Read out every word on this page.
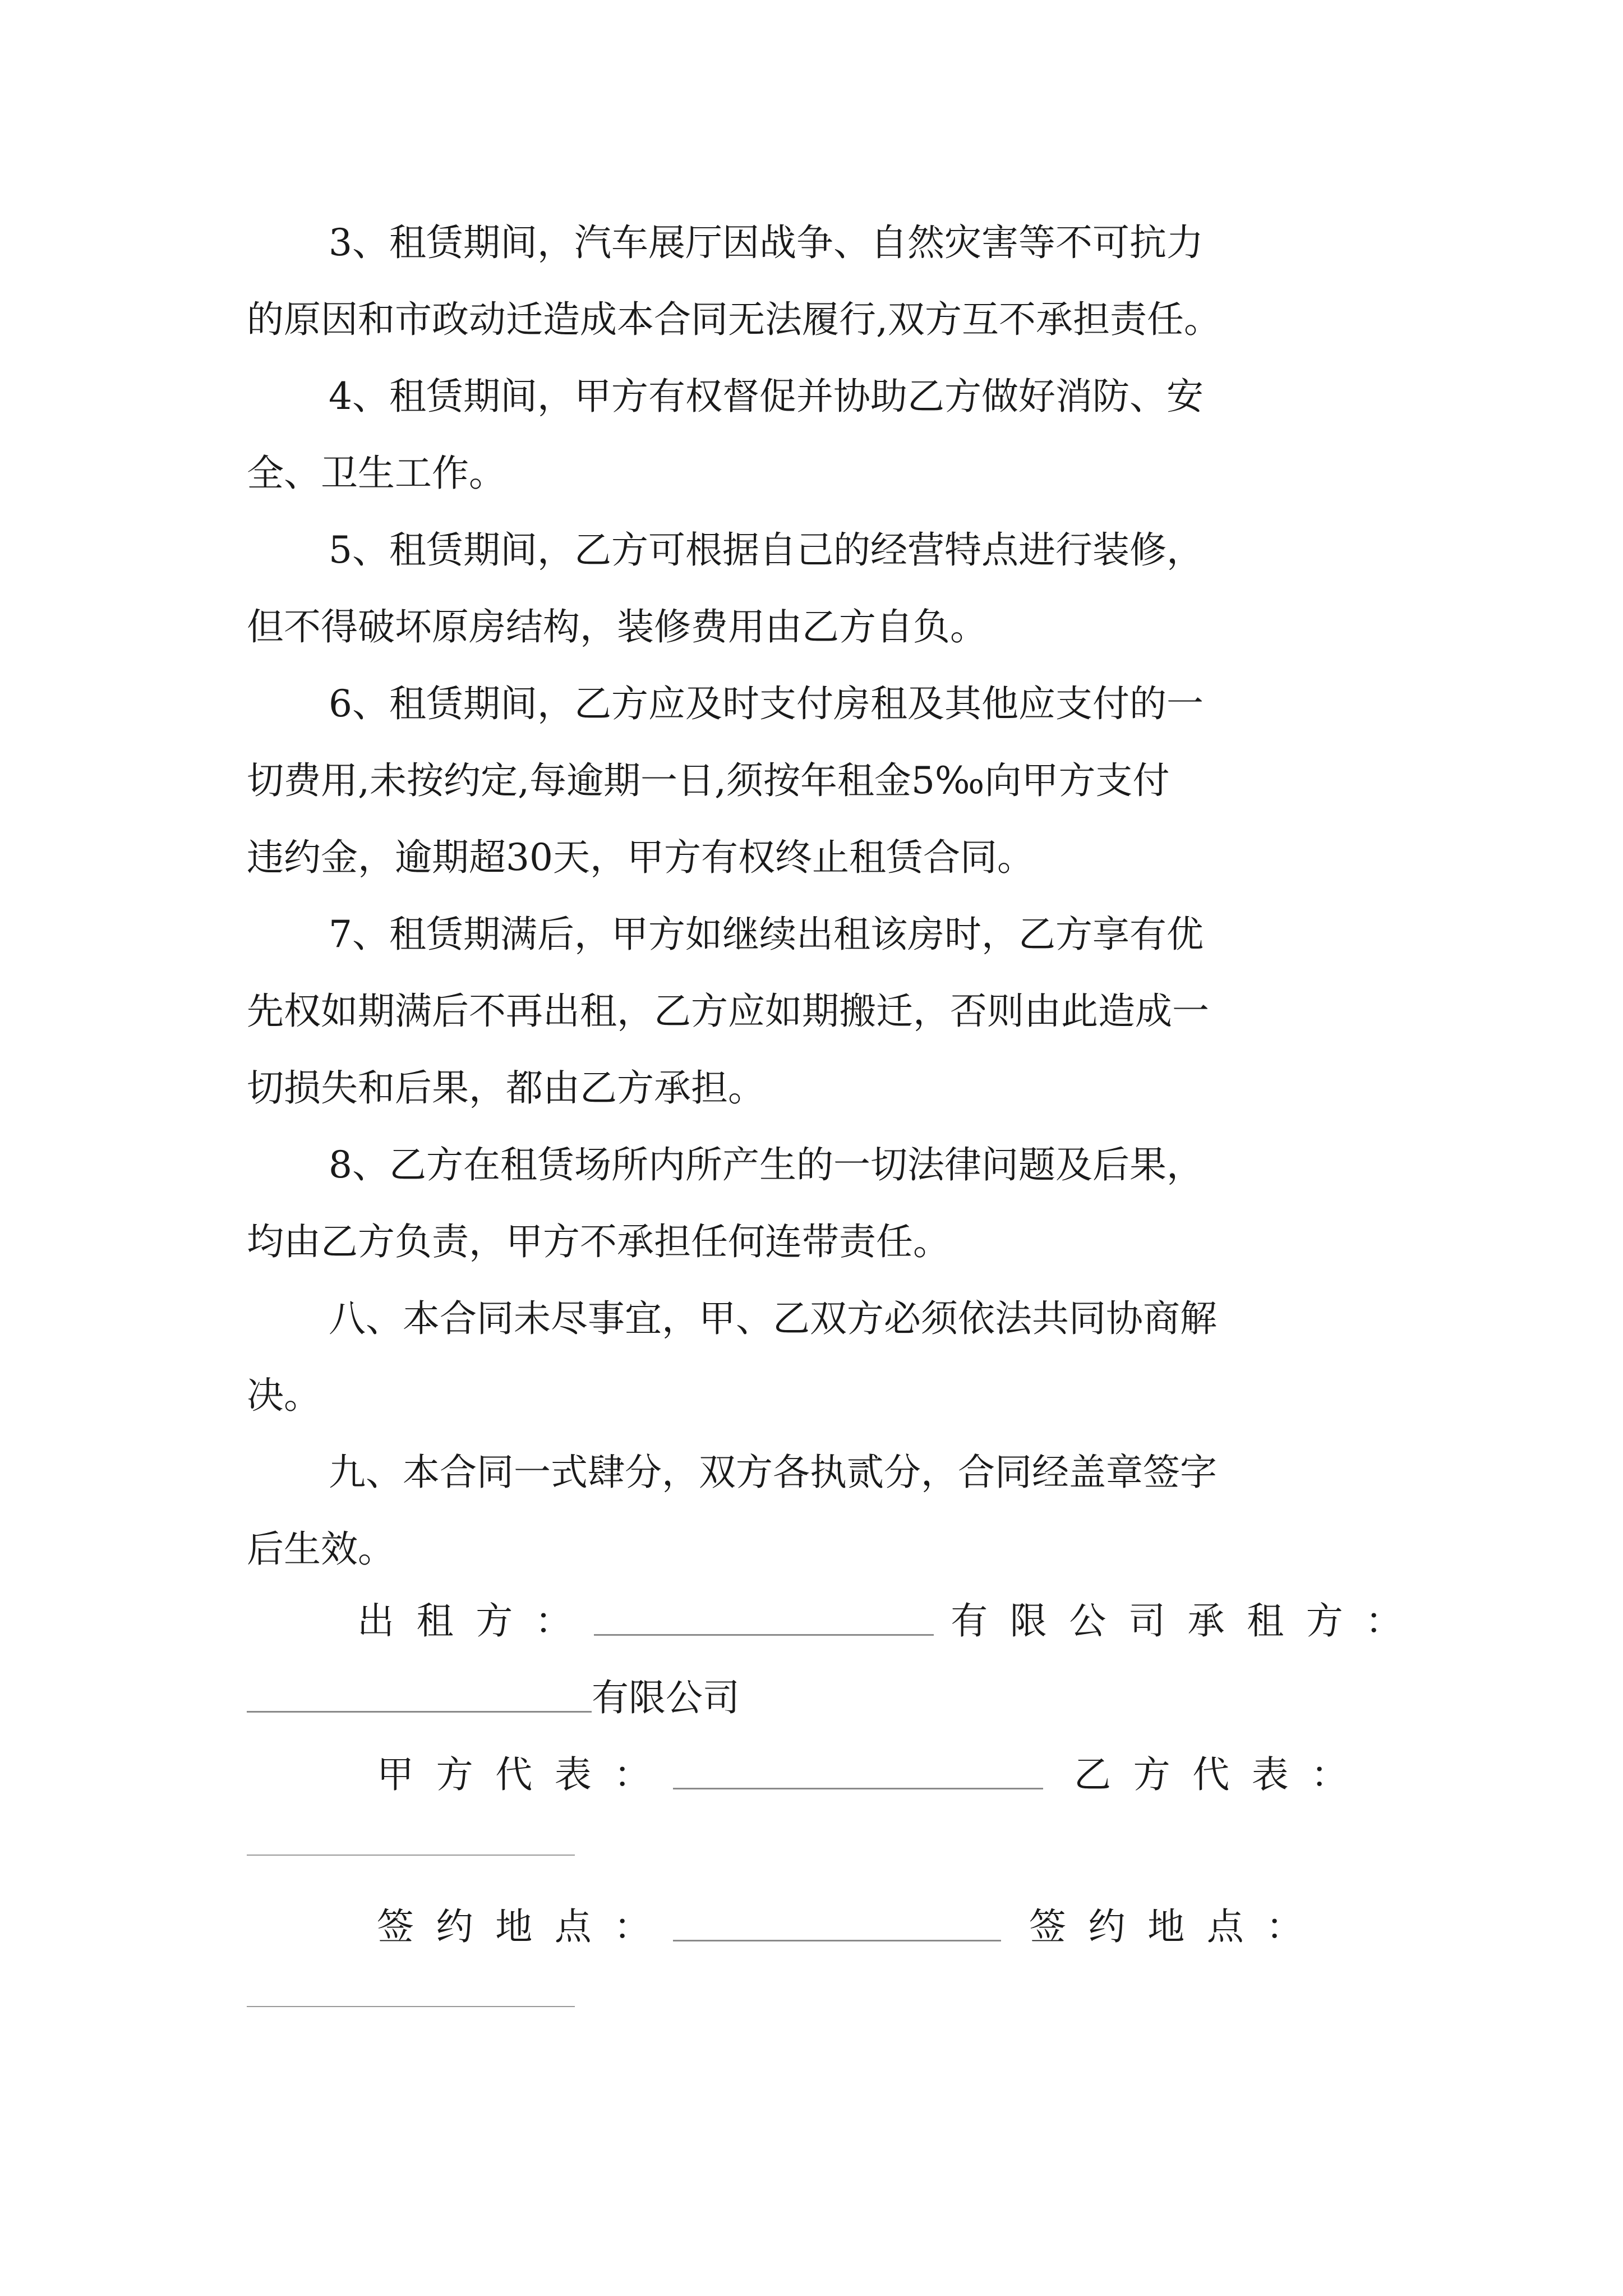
3、租赁期间，汽车展厅因战争、自然灾害等不可抗力
的原因和市政动迁造成本合同无法履行,双方互不承担责任。
4、租赁期间，甲方有权督促并协助乙方做好消防、安
全、卫生工作。
5、租赁期间，乙方可根据自己的经营特点进行装修，
但不得破坏原房结构，装修费用由乙方自负。
6、租赁期间，乙方应及时支付房租及其他应支付的一
切费用,未按约定,每逾期一日,须按年租金5‰向甲方支付
违约金，逾期超30天，甲方有权终止租赁合同。
7、租赁期满后，甲方如继续出租该房时，乙方享有优
先权如期满后不再出租，乙方应如期搬迁，否则由此造成一
切损失和后果，都由乙方承担。
8、乙方在租赁场所内所产生的一切法律问题及后果，
均由乙方负责，甲方不承担任何连带责任。
八、本合同未尽事宜，甲、乙双方必须依法共同协商解
决。
九、本合同一式肆分，双方各执贰分，合同经盖章签字
后生效。
出租方：	有限公司 承租方：
有限公司
甲方代表：	乙方代表：
签约地点：	签约地点：
